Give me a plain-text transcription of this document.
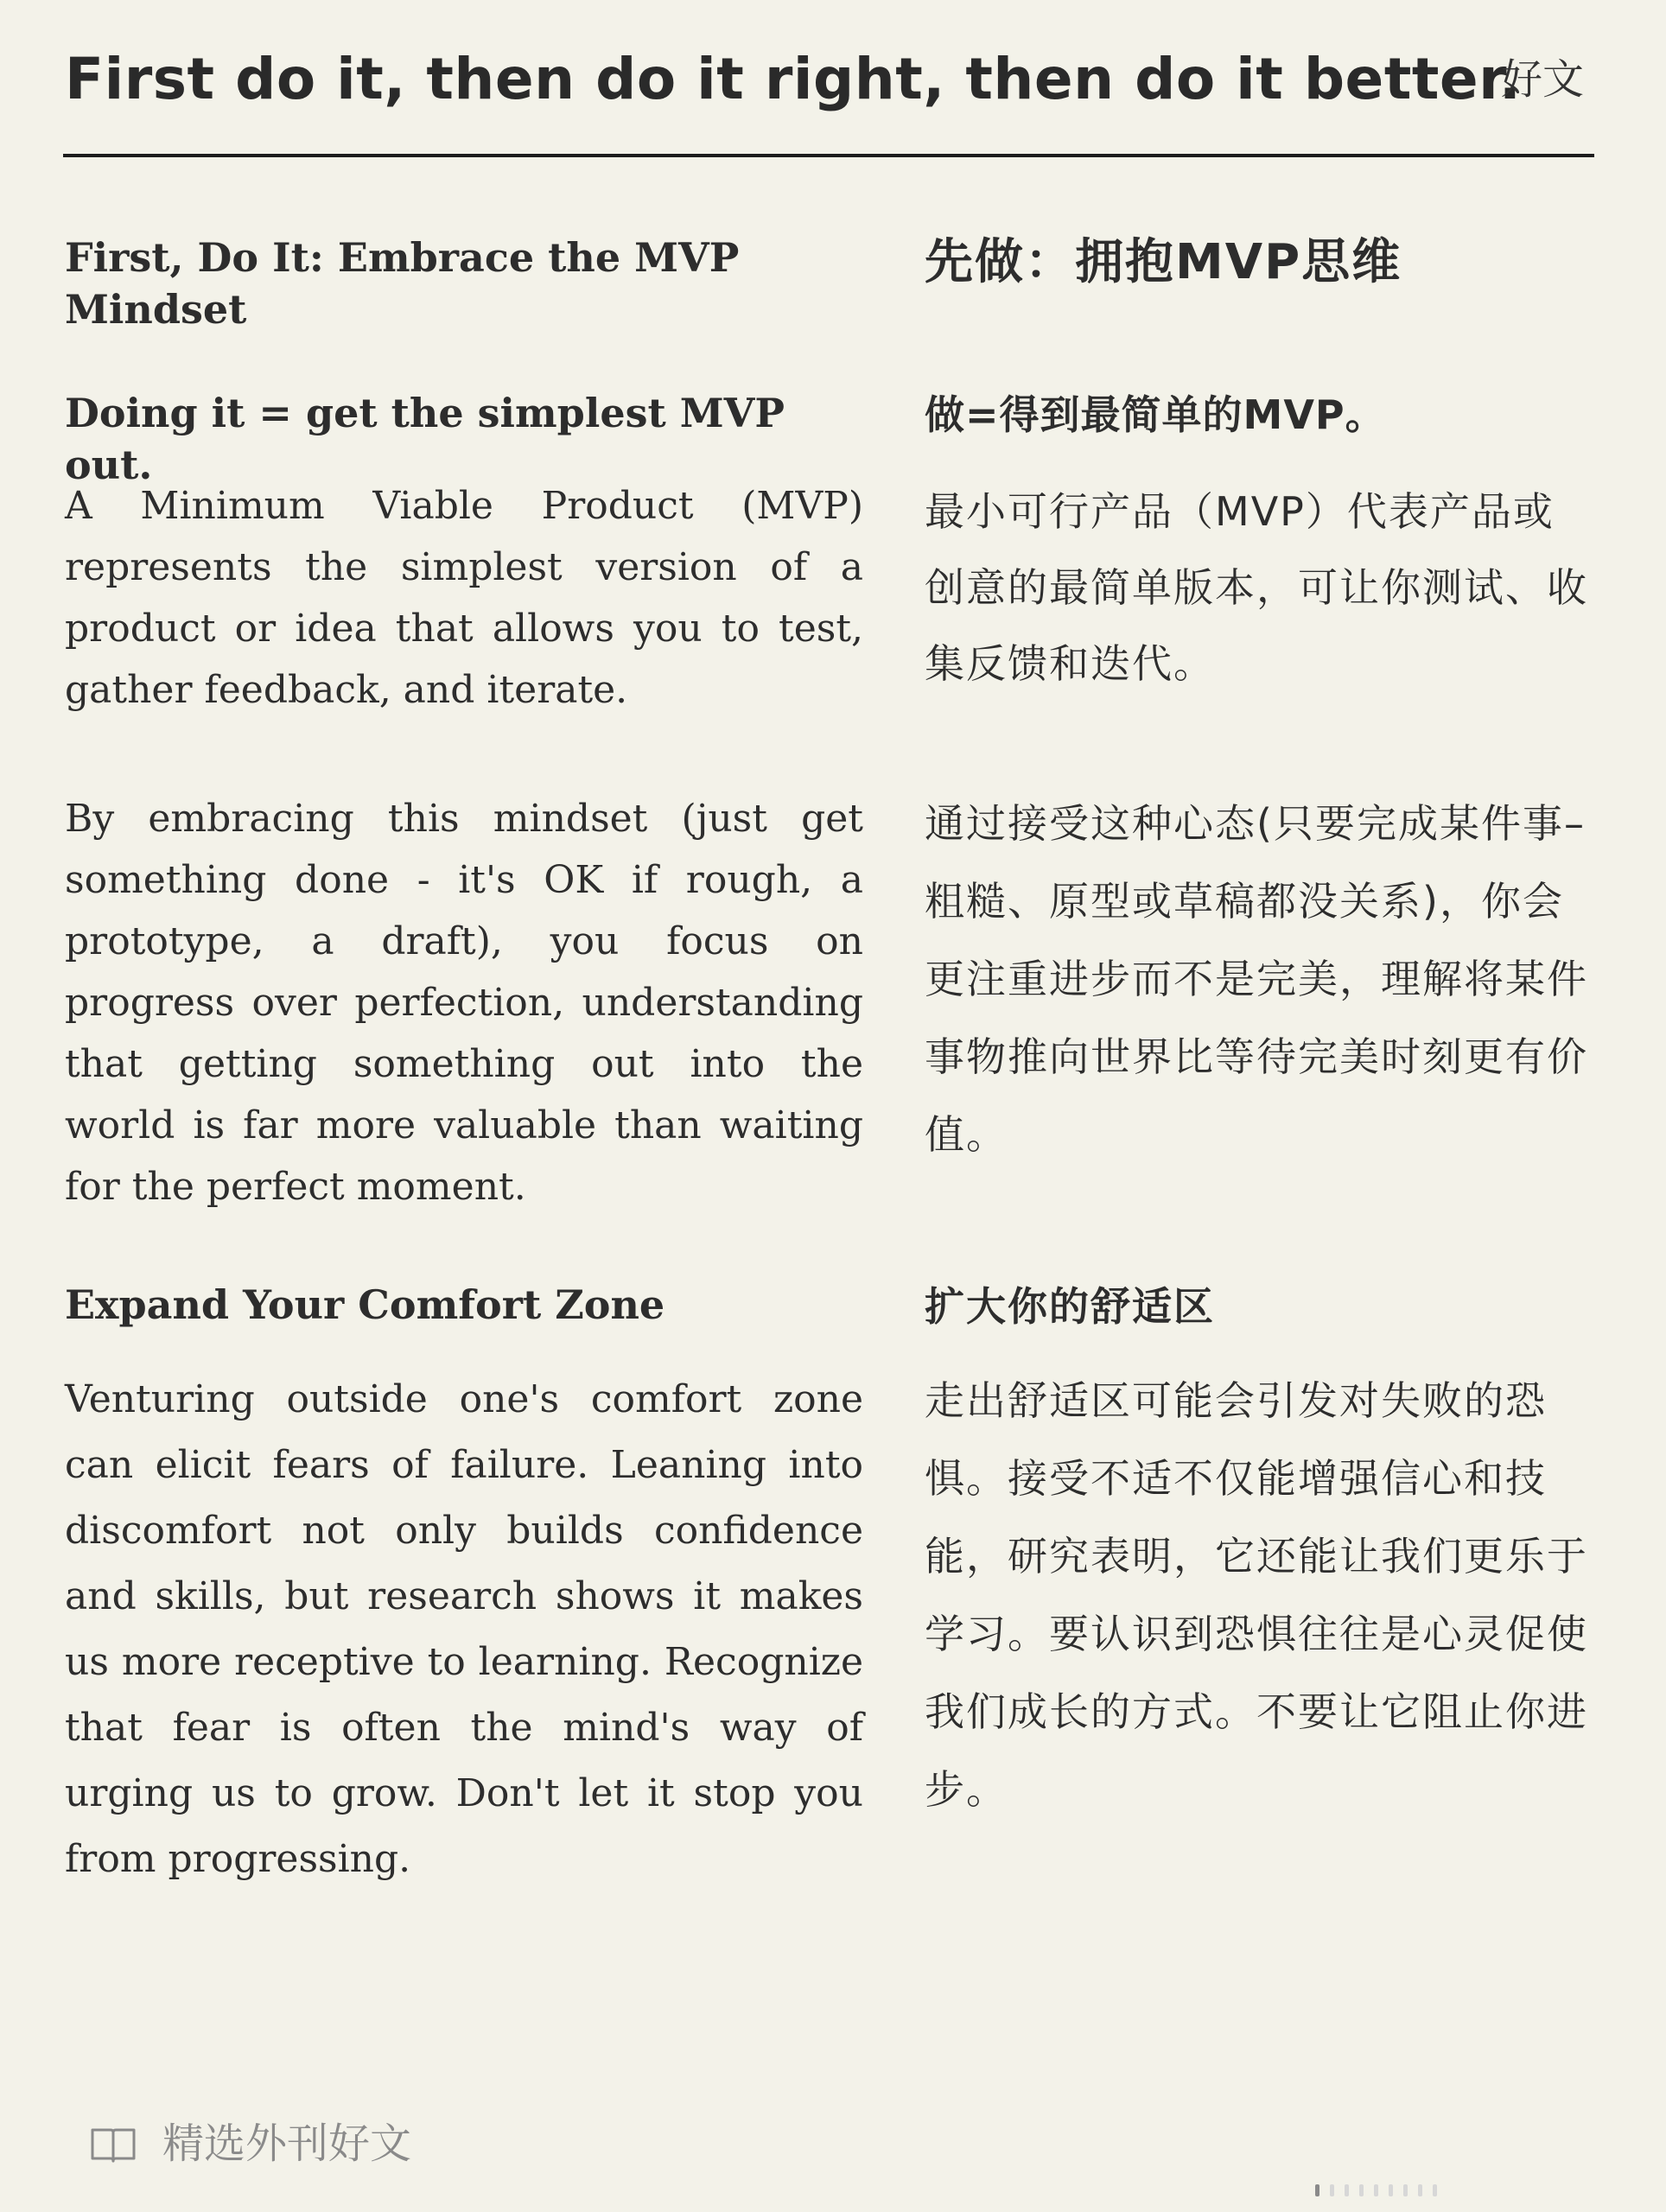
First do it, then do it right, then do it better.
好文
First, Do It: Embrace the MVP Mindset
先做：拥抱MVP思维
Doing it = get the simplest MVP out.
做=得到最简单的MVP。

A Minimum Viable Product (MVP) represents the simplest version of a product or idea that allows you to test, gather feedback, and iterate.

最小可行产品（MVP）代表产品或创意的最简单版本，可让你测试、收集反馈和迭代。

By embracing this mindset (just get something done - it's OK if rough, a prototype, a draft), you focus on progress over perfection, understanding that getting something out into the world is far more valuable than waiting for the perfect moment.

通过接受这种心态(只要完成某件事–粗糙、原型或草稿都没关系)，你会更注重进步而不是完美，理解将某件事物推向世界比等待完美时刻更有价值。

Expand Your Comfort Zone	扩大你的舒适区

Venturing outside one's comfort zone can elicit fears of failure. Leaning into discomfort not only builds confidence and skills, but research shows it makes us more receptive to learning. Recognize that fear is often the mind's way of urging us to grow. Don't let it stop you from progressing.

走出舒适区可能会引发对失败的恐惧。接受不适不仅能增强信心和技能，研究表明，它还能让我们更乐于学习。要认识到恐惧往往是心灵促使我们成长的方式。不要让它阻止你进步。

精选外刊好文
